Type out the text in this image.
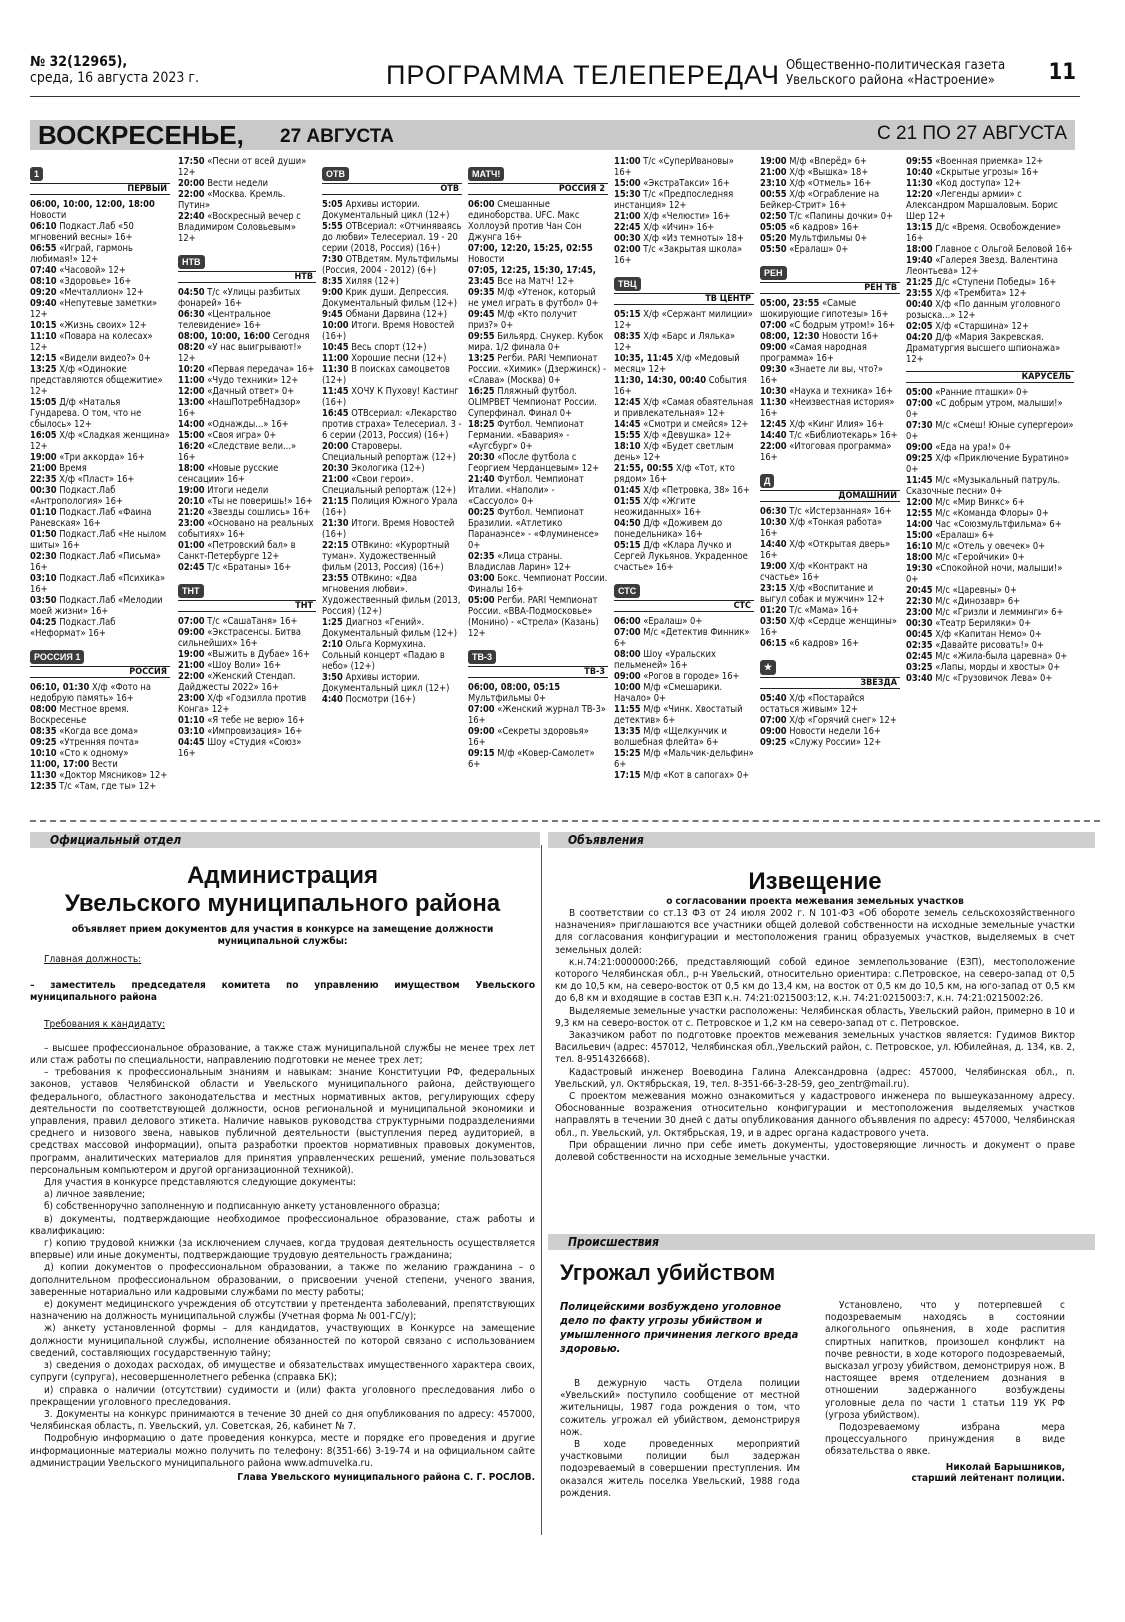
№ 32(12965),
среда, 16 августа 2023 г.	ПРОГРАММА ТЕЛЕПЕРЕДАЧ Общественно-политическая газета Увельского района «Настроение»	11
ВОСКРЕСЕНЬЕ, 27 АВГУСТА	С 21 ПО 27 АВГУСТА
1
ПЕРВЫЙ
06:00, 10:00, 12:00, 18:00 Новости
06:10 Подкаст.Лаб «50 мгновений весны» 16+
06:55 «Играй, гармонь любимая!» 12+
07:40 «Часовой» 12+
08:10 «Здоровье» 16+
09:20 «Мечталлион» 12+
09:40 «Непутевые заметки» 12+
10:15 «Жизнь своих» 12+
11:10 «Повара на колесах» 12+
12:15 «Видели видео?» 0+
13:25 Х/ф «Одинокие представляются общежитие» 12+
15:05 Д/ф «Наталья Гундарева. О том, что не сбылось» 12+
16:05 Х/ф «Сладкая женщина» 12+
19:00 «Три аккорда» 16+
21:00 Время
22:35 Х/ф «Пласт» 16+
00:30 Подкаст.Лаб «Антропология» 16+
01:10 Подкаст.Лаб «Фаина Раневская» 16+
01:50 Подкаст.Лаб «Не нылом шиты» 16+
02:30 Подкаст.Лаб «Письма» 16+
03:10 Подкаст.Лаб «Психика» 16+
03:50 Подкаст.Лаб «Мелодии моей жизни» 16+
04:25 Подкаст.Лаб «Неформат» 16+
РОССИЯ 1
РОССИЯ
06:10, 01:30 Х/ф «Фото на недобрую память» 16+
08:00 Местное время. Воскресенье
08:35 «Когда все дома»
09:25 «Утренняя почта»
10:10 «Сто к одному»
11:00, 17:00 Вести
11:30 «Доктор Мясников» 12+
12:35 Т/с «Там, где ты» 12+
17:50 «Песни от всей души» 12+
20:00 Вести недели
22:00 «Москва. Кремль. Путин»
22:40 «Воскресный вечер с Владимиром Соловьевым» 12+
НТВ
НТВ
04:50 Т/с «Улицы разбитых фонарей» 16+
06:30 «Центральное телевидение» 16+
08:00, 10:00, 16:00 Сегодня
08:20 «У нас выигрывают!» 12+
10:20 «Первая передача» 16+
11:00 «Чудо техники» 12+
12:00 «Дачный ответ» 0+
13:00 «НашПотребНадзор» 16+
14:00 «Однажды...» 16+
15:00 «Своя игра» 0+
16:20 «Следствие вели...» 16+
18:00 «Новые русские сенсации» 16+
19:00 Итоги недели
20:10 «Ты не поверишь!» 16+
21:20 «Звезды сошлись» 16+
23:00 «Основано на реальных событиях» 16+
01:00 «Петровский бал» в Санкт-Петербурге 12+
02:45 Т/с «Братаны» 16+
ТНТ
ТНТ
07:00 Т/с «СашаТаня» 16+
09:00 «Экстрасенсы. Битва сильнейших» 16+
19:00 «Выжить в Дубае» 16+
21:00 «Шоу Воли» 16+
22:00 «Женский Стендап. Дайджесты 2022» 16+
23:00 Х/ф «Годзилла против Конга» 12+
01:10 «Я тебе не верю» 16+
03:10 «Импровизация» 16+
04:45 Шоу «Студия «Союз» 16+
ОТВ
ОТВ
5:05 Архивы истории. Документальный цикл (12+)
5:55 ОТВсериал: «Отчиняваясь до любви» Телесериал. 19 - 20 серии (2018, Россия) (16+)
7:30 ОТВдетям. Мультфильмы (Россия, 2004 - 2012) (6+)
8:35 Хиляя (12+)
9:00 Крик души. Депрессия. Документальный фильм (12+)
9:45 Обмани Дарвина (12+)
10:00 Итоги. Время Новостей (16+)
10:45 Весь спорт (12+)
11:00 Хорошие песни (12+)
11:30 В поисках самоцветов (12+)
11:45 ХОЧУ К Пухову! Кастинг (16+)
16:45 ОТВсериал: «Лекарство против страха» Телесериал. 3 - 6 серии (2013, Россия) (16+)
20:00 Староверы. Специальный репортаж (12+)
20:30 Экологика (12+)
21:00 «Свои герои». Специальный репортаж (12+)
21:15 Полиция Южного Урала (16+)
21:30 Итоги. Время Новостей (16+)
22:15 ОТВкино: «Курортный туман». Художественный фильм (2013, Россия) (16+)
23:55 ОТВкино: «Два мгновения любви». Художественный фильм (2013, Россия) (12+)
1:25 Диагноз «Гений». Документальный фильм (12+)
2:10 Ольга Кормухина. Сольный концерт «Падаю в небо» (12+)
3:50 Архивы истории. Документальный цикл (12+)
4:40 Посмотри (16+)
МАТЧ!
РОССИЯ 2
06:00 Смешанные единоборства. UFC. Макс Холлоуэй против Чан Сон Джунга 16+
07:00, 12:20, 15:25, 02:55 Новости
07:05, 12:25, 15:30, 17:45, 23:45 Все на Матч! 12+
09:35 М/ф «Утенок, который не умел играть в футбол» 0+
09:45 М/ф «Кто получит приз?» 0+
09:55 Бильярд. Снукер. Кубок мира. 1/2 финала 0+
13:25 Регби. PARI Чемпионат России. «Химик» (Дзержинск) - «Слава» (Москва) 0+
16:25 Пляжный футбол. OLIMPBET Чемпионат России. Суперфинал. Финал 0+
18:25 Футбол. Чемпионат Германии. «Бавария» - «Аугсбург» 0+
20:30 «После футбола с Георгием Черданцевым» 12+
21:40 Футбол. Чемпионат Италии. «Наполи» - «Сассуоло» 0+
00:25 Футбол. Чемпионат Бразилии. «Атлетико Паранаэнсе» - «Флуминенсе» 0+
02:35 «Лица страны. Владислав Ларин» 12+
03:00 Бокс. Чемпионат России. Финалы 16+
05:00 Регби. PARI Чемпионат России. «ВВА-Подмосковье» (Монино) - «Стрела» (Казань) 12+
ТВ-3
ТВ-3
06:00, 08:00, 05:15 Мультфильмы 0+
07:00 «Женский журнал ТВ-3» 16+
09:00 «Секреты здоровья» 16+
09:15 М/ф «Ковер-Самолет» 6+
11:00 Т/с «СуперИвановы» 16+
15:00 «ЭкстраТакси» 16+
15:30 Т/с «Предпоследняя инстанция» 12+
21:00 Х/ф «Челюсти» 16+
22:45 Х/ф «Ичин» 16+
00:30 Х/ф «Из темноты» 18+
02:00 Т/с «Закрытая школа» 16+
ТВЦ
ТВ ЦЕНТР
05:15 Х/ф «Сержант милиции» 12+
08:35 Х/ф «Барс и Лялька» 12+
10:35, 11:45 Х/ф «Медовый месяц» 12+
11:30, 14:30, 00:40 События 16+
12:45 Х/ф «Самая обаятельная и привлекательная» 12+
14:45 «Смотри и смейся» 12+
15:55 Х/ф «Девушка» 12+
18:10 Х/ф «Будет светлым день» 12+
21:55, 00:55 Х/ф «Тот, кто рядом» 16+
01:45 Х/ф «Петровка, 38» 16+
01:55 Х/ф «Жгите неожиданных» 16+
04:50 Д/ф «Доживем до понедельника» 16+
05:15 Д/ф «Клара Лучко и Сергей Лукьянов. Украденное счастье» 16+
СТС
СТС
06:00 «Ералаш» 0+
07:00 М/с «Детектив Финник» 6+
08:00 Шоу «Уральских пельменей» 16+
09:00 «Рогов в городе» 16+
10:00 М/ф «Смешарики. Начало» 0+
11:55 М/ф «Чинк. Хвостатый детектив» 6+
13:35 М/ф «Щелкунчик и волшебная флейта» 6+
15:25 М/ф «Мальчик-дельфин» 6+
17:15 М/ф «Кот в сапогах» 0+
19:00 М/ф «Вперёд» 6+
21:00 Х/ф «Вышка» 18+
23:10 Х/ф «Отмель» 16+
00:55 Х/ф «Ограбление на Бейкер-Стрит» 16+
02:50 Т/с «Папины дочки» 0+
05:05 «6 кадров» 16+
05:20 Мультфильмы 0+
05:50 «Ералаш» 0+
РЕН
РЕН ТВ
05:00, 23:55 «Самые шокирующие гипотезы» 16+
07:00 «С бодрым утром!» 16+
08:00, 12:30 Новости 16+
09:00 «Самая народная программа» 16+
09:30 «Знаете ли вы, что?» 16+
10:30 «Наука и техника» 16+
11:30 «Неизвестная история» 16+
12:45 Х/ф «Кинг Илия» 16+
14:40 Т/с «Библиотекарь» 16+
22:00 «Итоговая программа» 16+
Д
ДОМАШНИЙ
06:30 Т/с «Истерзанная» 16+
10:30 Х/ф «Тонкая работа» 16+
14:40 Х/ф «Открытая дверь» 16+
19:00 Х/ф «Контракт на счастье» 16+
23:15 Х/ф «Воспитание и выгул собак и мужчин» 12+
01:20 Т/с «Мама» 16+
03:50 Х/ф «Сердце женщины» 16+
06:15 «6 кадров» 16+
★
ЗВЕЗДА
05:40 Х/ф «Постарайся остаться живым» 12+
07:00 Х/ф «Горячий снег» 12+
09:00 Новости недели 16+
09:25 «Служу России» 12+
09:55 «Военная приемка» 12+
10:40 «Скрытые угрозы» 16+
11:30 «Код доступа» 12+
12:20 «Легенды армии» с Александром Маршаловым. Борис Шер 12+
13:15 Д/с «Время. Освобождение» 16+
18:00 Главное с Ольгой Беловой 16+
19:40 «Галерея Звезд. Валентина Леонтьева» 12+
21:25 Д/с «Ступени Победы» 16+
23:55 Х/ф «Трембита» 12+
00:40 Х/ф «По данным уголовного розыска...» 12+
02:05 Х/ф «Старшина» 12+
04:20 Д/ф «Мария Закревская. Драматургия высшего шпионажа» 12+
КАРУСЕЛЬ
05:00 «Ранние пташки» 0+
07:00 «С добрым утром, малыши!» 0+
07:30 М/с «Смеш! Юные супергерои» 0+
09:00 «Еда на ура!» 0+
09:25 Х/ф «Приключение Буратино» 0+
11:45 М/с «Музыкальный патруль. Сказочные песни» 0+
12:00 М/с «Мир Винкс» 6+
12:55 М/с «Команда Флоры» 0+
14:00 Час «Союзмультфильма» 6+
15:00 «Ералаш» 6+
16:10 М/с «Отель у овечек» 0+
18:00 М/с «Геройчики» 0+
19:30 «Спокойной ночи, малыши!» 0+
20:45 М/с «Царевны» 0+
22:30 М/с «Динозавр» 6+
23:00 М/с «Гризли и лемминги» 6+
00:30 «Театр Бериляки» 0+
00:45 Х/ф «Капитан Немо» 0+
02:35 «Давайте рисовать!» 0+
02:45 М/с «Жила-была царевна» 0+
03:25 «Лапы, морды и хвосты» 0+
03:40 М/с «Грузовичок Лева» 0+
Официальный отдел	Объявления
Администрация
Увельского муниципального района
объявляет прием документов для участия в конкурсе на замещение должности муниципальной службы:

Главная должность:

– заместитель председателя комитета по управлению имуществом Увельского муниципального района

Требования к кандидату:

– высшее профессиональное образование, а также стаж муниципальной службы не менее трех лет или стаж работы по специальности, направлению подготовки не менее трех лет;

– требования к профессиональным знаниям и навыкам: знание Конституции РФ, федеральных законов, уставов Челябинской области и Увельского муниципального района, действующего федерального, областного законодательства и местных нормативных актов, регулирующих сферу деятельности по соответствующей должности, основ региональной и муниципальной экономики и управления, правил делового этикета. Наличие навыков руководства структурными подразделениями среднего и низового звена, навыков публичной деятельности (выступления перед аудиторией, в средствах массовой информации), опыта разработки проектов нормативных правовых документов, программ, аналитических материалов для принятия управленческих решений, умение пользоваться персональным компьютером и другой организационной техникой).

Для участия в конкурсе представляются следующие документы:

а) личное заявление;

б) собственноручно заполненную и подписанную анкету установленного образца;

в) документы, подтверждающие необходимое профессиональное образование, стаж работы и квалификацию:

г) копию трудовой книжки (за исключением случаев, когда трудовая деятельность осуществляется впервые) или иные документы, подтверждающие трудовую деятельность гражданина;

д) копии документов о профессиональном образовании, а также по желанию гражданина – о дополнительном профессиональном образовании, о присвоении ученой степени, ученого звания, заверенные нотариально или кадровыми службами по месту работы;

е) документ медицинского учреждения об отсутствии у претендента заболеваний, препятствующих назначению на должность муниципальной службы (Учетная форма № 001-ГС/у);

ж) анкету установленной формы – для кандидатов, участвующих в Конкурсе на замещение должности муниципальной службы, исполнение обязанностей по которой связано с использованием сведений, составляющих государственную тайну;

з) сведения о доходах расходах, об имуществе и обязательствах имущественного характера своих, супруги (супруга), несовершеннолетнего ребенка (справка БК);

и) справка о наличии (отсутствии) судимости и (или) факта уголовного преследования либо о прекращении уголовного преследования.

3. Документы на конкурс принимаются в течение 30 дней со дня опубликования по адресу: 457000, Челябинская область, п. Увельский, ул. Советская, 26, кабинет № 7.

Подробную информацию о дате проведения конкурса, месте и порядке его проведения и другие информационные материалы можно получить по телефону: 8(351-66) 3-19-74 и на официальном сайте администрации Увельского муниципального района www.admuvelka.ru.

Глава Увельского муниципального района С. Г. РОСЛОВ.
Извещение
о согласовании проекта межевания земельных участков

В соответствии со ст.13 ФЗ от 24 июля 2002 г. N 101-ФЗ «Об обороте земель сельскохозяйственного назначения» приглашаются все участники общей долевой собственности на исходные земельные участки для согласования конфигурации и местоположения границ образуемых участков, выделяемых в счет земельных долей:

к.н.74:21:0000000:266, представляющий собой единое землепользование (ЕЗП), местоположение которого Челябинская обл., р-н Увельский, относительно ориентира: с.Петровское, на северо-запад от 0,5 км до 10,5 км, на северо-восток от 0,5 км до 13,4 км, на восток от 0,5 км до 10,5 км, на юго-запад от 0,5 км до 6,8 км и входящие в состав ЕЗП к.н. 74:21:0215003:12, к.н. 74:21:0215003:7, к.н. 74:21:0215002:26.

Выделяемые земельные участки расположены: Челябинская область, Увельский район, примерно в 10 и 9,3 км на северо-восток от с. Петровское и 1,2 км на северо-запад от с. Петровское.

Заказчиком работ по подготовке проектов межевания земельных участков является: Гудимов Виктор Васильевич (адрес: 457012, Челябинская обл.,Увельский район, с. Петровское, ул. Юбилейная, д. 134, кв. 2, тел. 8-9514326668).

Кадастровый инженер Воеводина Галина Александровна (адрес: 457000, Челябинская обл., п. Увельский, ул. Октябрьская, 19, тел. 8-351-66-3-28-59, geo_zentr@mail.ru).

С проектом межевания можно ознакомиться у кадастрового инженера по вышеуказанному адресу. Обоснованные возражения относительно конфигурации и местоположения выделяемых участков направлять в течении 30 дней с даты опубликования данного объявления по адресу: 457000, Челябинская обл., п. Увельский, ул. Октябрьская, 19, и в адрес органа кадастрового учета.

При обращении лично при себе иметь документы, удостоверяющие личность и документ о праве долевой собственности на исходные земельные участки.

Происшествия
Угрожал убийством
Полицейскими возбуждено уголовное дело по факту угрозы убийством и умышленного причинения легкого вреда здоровью.

В дежурную часть Отдела полиции «Увельский» поступило сообщение от местной жительницы, 1987 года рождения о том, что сожитель угрожал ей убийством, демонстрируя нож.

В ходе проведенных мероприятий участковыми полиции был задержан подозреваемый в совершении преступления. Им оказался житель поселка Увельский, 1988 года рождения.

Установлено, что у потерпевшей с подозреваемым находясь в состоянии алкогольного опьянения, в ходе распития спиртных напитков, произошел конфликт на почве ревности, в ходе которого подозреваемый, высказал угрозу убийством, демонстрируя нож. В настоящее время отделением дознания в отношении задержанного возбуждены уголовные дела по части 1 статьи 119 УК РФ (угроза убийством).

Подозреваемому избрана мера процессуального принуждения в виде обязательства о явке.

Николай Барышников,
старший лейтенант полиции.
